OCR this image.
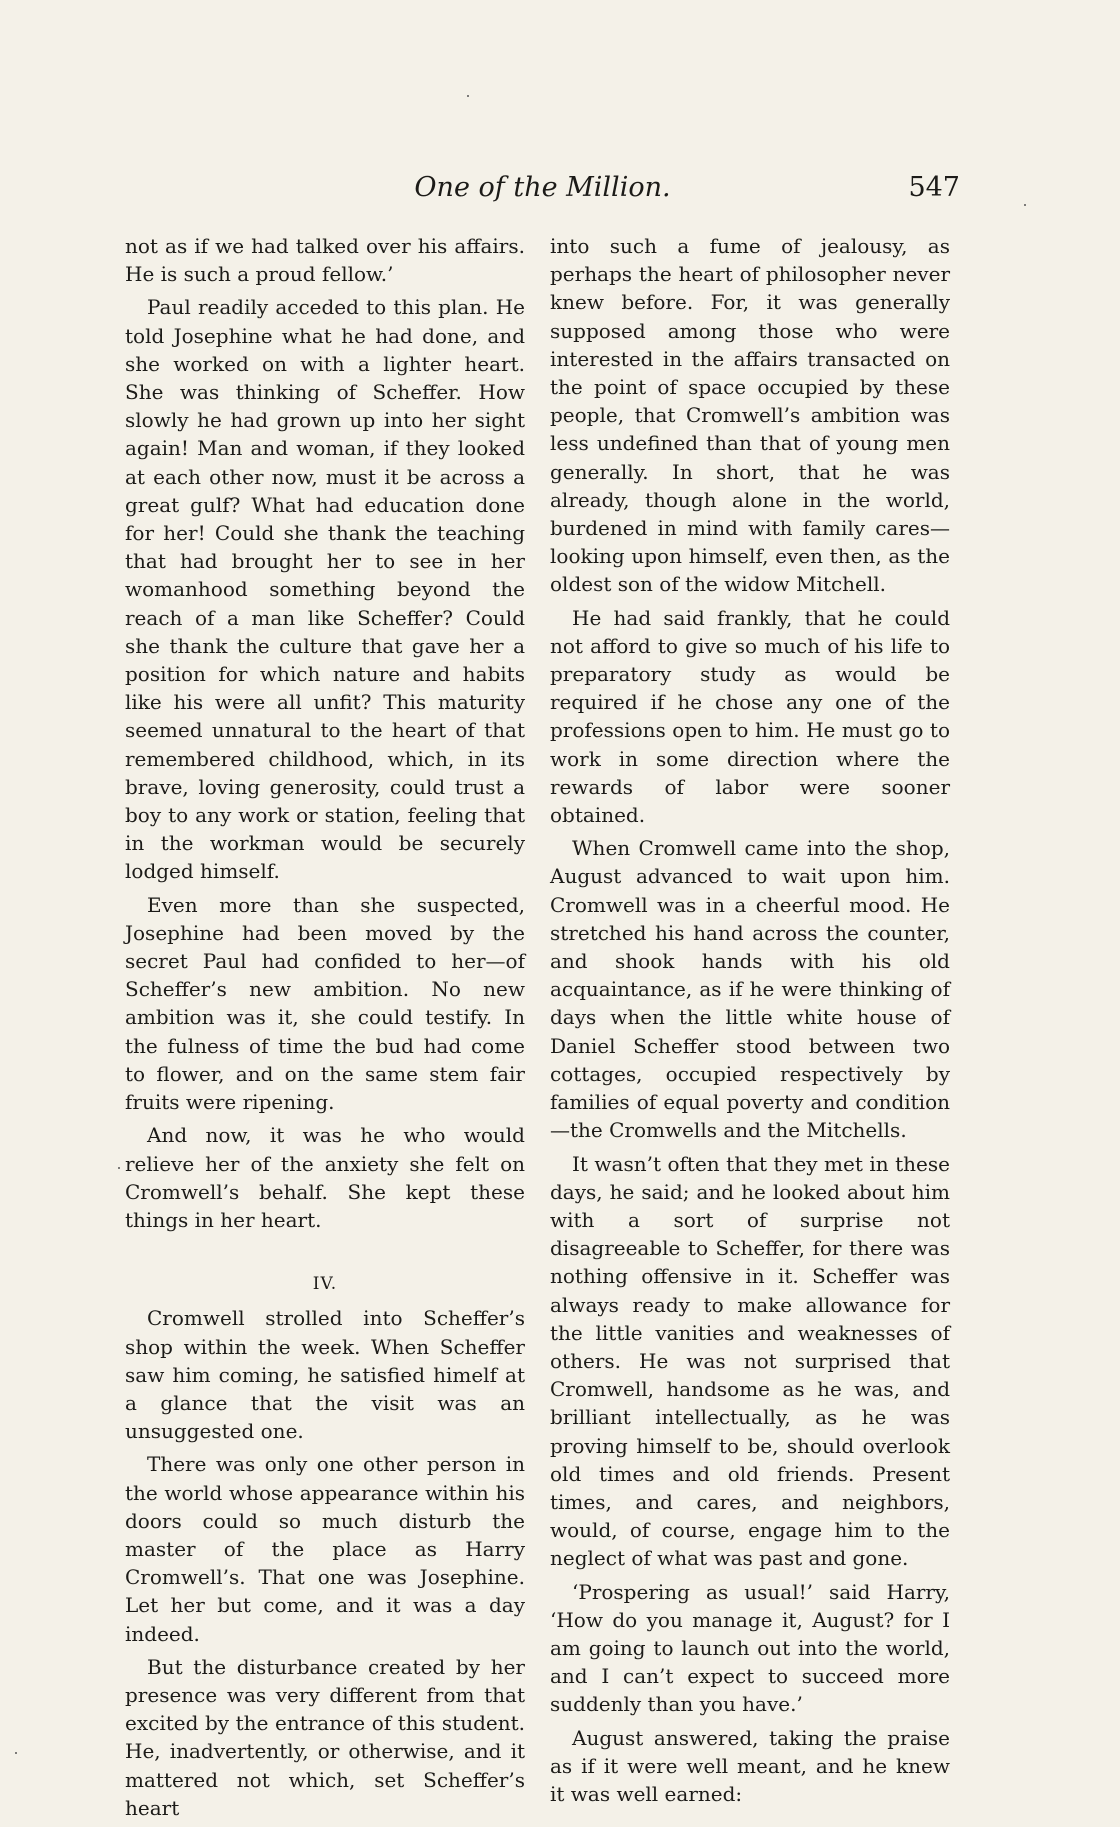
One of the Million.	547

not as if we had talked over his affairs. He is such a proud fellow.’

Paul readily acceded to this plan. He told Josephine what he had done, and she worked on with a lighter heart. She was thinking of Scheffer. How slowly he had grown up into her sight again! Man and woman, if they looked at each other now, must it be across a great gulf? What had education done for her! Could she thank the teaching that had brought her to see in her womanhood something beyond the reach of a man like Scheffer? Could she thank the culture that gave her a position for which nature and habits like his were all unfit? This maturity seemed unnatural to the heart of that remembered childhood, which, in its brave, loving generosity, could trust a boy to any work or station, feeling that in the workman would be securely lodged himself.

Even more than she suspected, Josephine had been moved by the secret Paul had confided to her—of Scheffer’s new ambition. No new ambition was it, she could testify. In the fulness of time the bud had come to flower, and on the same stem fair fruits were ripening.

And now, it was he who would relieve her of the anxiety she felt on Cromwell’s behalf. She kept these things in her heart.

IV.

Cromwell strolled into Scheffer’s shop within the week. When Scheffer saw him coming, he satisfied himelf at a glance that the visit was an unsuggested one.

There was only one other person in the world whose appearance within his doors could so much disturb the master of the place as Harry Cromwell’s. That one was Josephine. Let her but come, and it was a day indeed.

But the disturbance created by her presence was very different from that excited by the entrance of this student. He, inadvertently, or otherwise, and it mattered not which, set Scheffer’s heart

into such a fume of jealousy, as perhaps the heart of philosopher never knew before. For, it was generally supposed among those who were interested in the affairs transacted on the point of space occupied by these people, that Cromwell’s ambition was less undefined than that of young men generally. In short, that he was already, though alone in the world, burdened in mind with family cares—looking upon himself, even then, as the oldest son of the widow Mitchell.

He had said frankly, that he could not afford to give so much of his life to preparatory study as would be required if he chose any one of the professions open to him. He must go to work in some direction where the rewards of labor were sooner obtained.

When Cromwell came into the shop, August advanced to wait upon him. Cromwell was in a cheerful mood. He stretched his hand across the counter, and shook hands with his old acquaintance, as if he were thinking of days when the little white house of Daniel Scheffer stood between two cottages, occupied respectively by families of equal poverty and condition—the Cromwells and the Mitchells.

It wasn’t often that they met in these days, he said; and he looked about him with a sort of surprise not disagreeable to Scheffer, for there was nothing offensive in it. Scheffer was always ready to make allowance for the little vanities and weaknesses of others. He was not surprised that Cromwell, handsome as he was, and brilliant intellectually, as he was proving himself to be, should overlook old times and old friends. Present times, and cares, and neighbors, would, of course, engage him to the neglect of what was past and gone.

‘Prospering as usual!’ said Harry, ‘How do you manage it, August? for I am going to launch out into the world, and I can’t expect to succeed more suddenly than you have.’

August answered, taking the praise as if it were well meant, and he knew it was well earned:
